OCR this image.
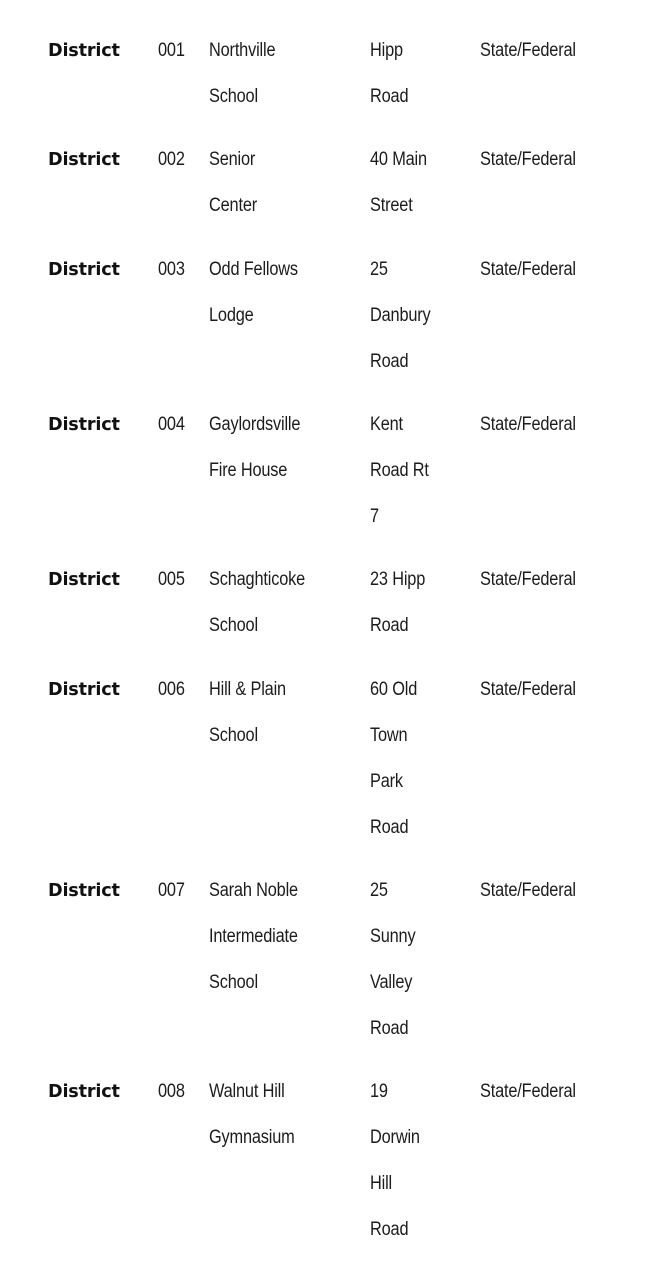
District 001 Northville
School
Hipp
Road
State/Federal
District 002 Senior
Center
40 Main
Street
State/Federal
District 003 Odd Fellows
Lodge
25
Danbury
Road
State/Federal
District 004 Gaylordsville
Fire House
Kent
Road Rt
7
State/Federal
District 005 Schaghticoke
School
23 Hipp
Road
State/Federal
District 006 Hill & Plain
School
60 Old
Town
Park
Road
State/Federal
District 007 Sarah Noble
Intermediate
School
25
Sunny
Valley
Road
State/Federal
District 008 Walnut Hill
Gymnasium
19
Dorwin
Hill
Road
State/Federal
